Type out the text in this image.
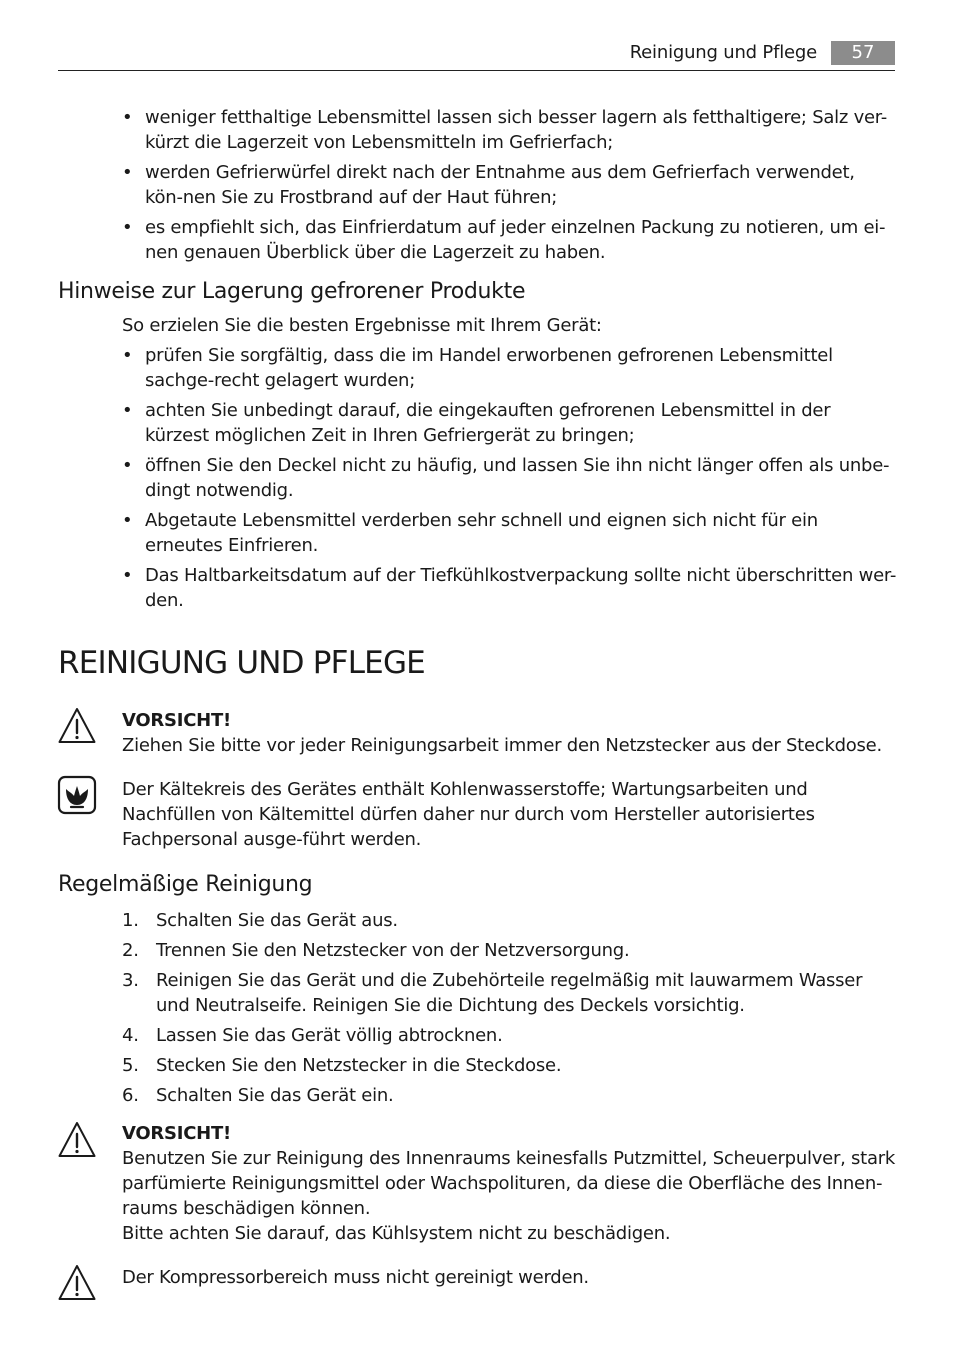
Reinigung und Pflege	57
• weniger fetthaltige Lebensmittel lassen sich besser lagern als fetthaltigere; Salz ver-kürzt die Lagerzeit von Lebensmitteln im Gefrierfach;
• werden Gefrierwürfel direkt nach der Entnahme aus dem Gefrierfach verwendet, kön-nen Sie zu Frostbrand auf der Haut führen;
• es empfiehlt sich, das Einfrierdatum auf jeder einzelnen Packung zu notieren, um ei-nen genauen Überblick über die Lagerzeit zu haben.
Hinweise zur Lagerung gefrorener Produkte

So erzielen Sie die besten Ergebnisse mit Ihrem Gerät:

• prüfen Sie sorgfältig, dass die im Handel erworbenen gefrorenen Lebensmittel sachge-recht gelagert wurden;
• achten Sie unbedingt darauf, die eingekauften gefrorenen Lebensmittel in der kürzest möglichen Zeit in Ihren Gefriergerät zu bringen;
• öffnen Sie den Deckel nicht zu häufig, und lassen Sie ihn nicht länger offen als unbe-dingt notwendig.
• Abgetaute Lebensmittel verderben sehr schnell und eignen sich nicht für ein erneutes Einfrieren.
• Das Haltbarkeitsdatum auf der Tiefkühlkostverpackung sollte nicht überschritten wer-den.
REINIGUNG UND PFLEGE

VORSICHT!
Ziehen Sie bitte vor jeder Reinigungsarbeit immer den Netzstecker aus der Steckdose.

Der Kältekreis des Gerätes enthält Kohlenwasserstoffe; Wartungsarbeiten und Nachfüllen von Kältemittel dürfen daher nur durch vom Hersteller autorisiertes Fachpersonal ausge-führt werden.

Regelmäßige Reinigung
1. Schalten Sie das Gerät aus.
2. Trennen Sie den Netzstecker von der Netzversorgung.
3. Reinigen Sie das Gerät und die Zubehörteile regelmäßig mit lauwarmem Wasser und Neutralseife. Reinigen Sie die Dichtung des Deckels vorsichtig.
4. Lassen Sie das Gerät völlig abtrocknen.
5. Stecken Sie den Netzstecker in die Steckdose.
6. Schalten Sie das Gerät ein.

VORSICHT!
Benutzen Sie zur Reinigung des Innenraums keinesfalls Putzmittel, Scheuerpulver, stark parfümierte Reinigungsmittel oder Wachspolituren, da diese die Oberfläche des Innen-raums beschädigen können.
Bitte achten Sie darauf, das Kühlsystem nicht zu beschädigen.

Der Kompressorbereich muss nicht gereinigt werden.
